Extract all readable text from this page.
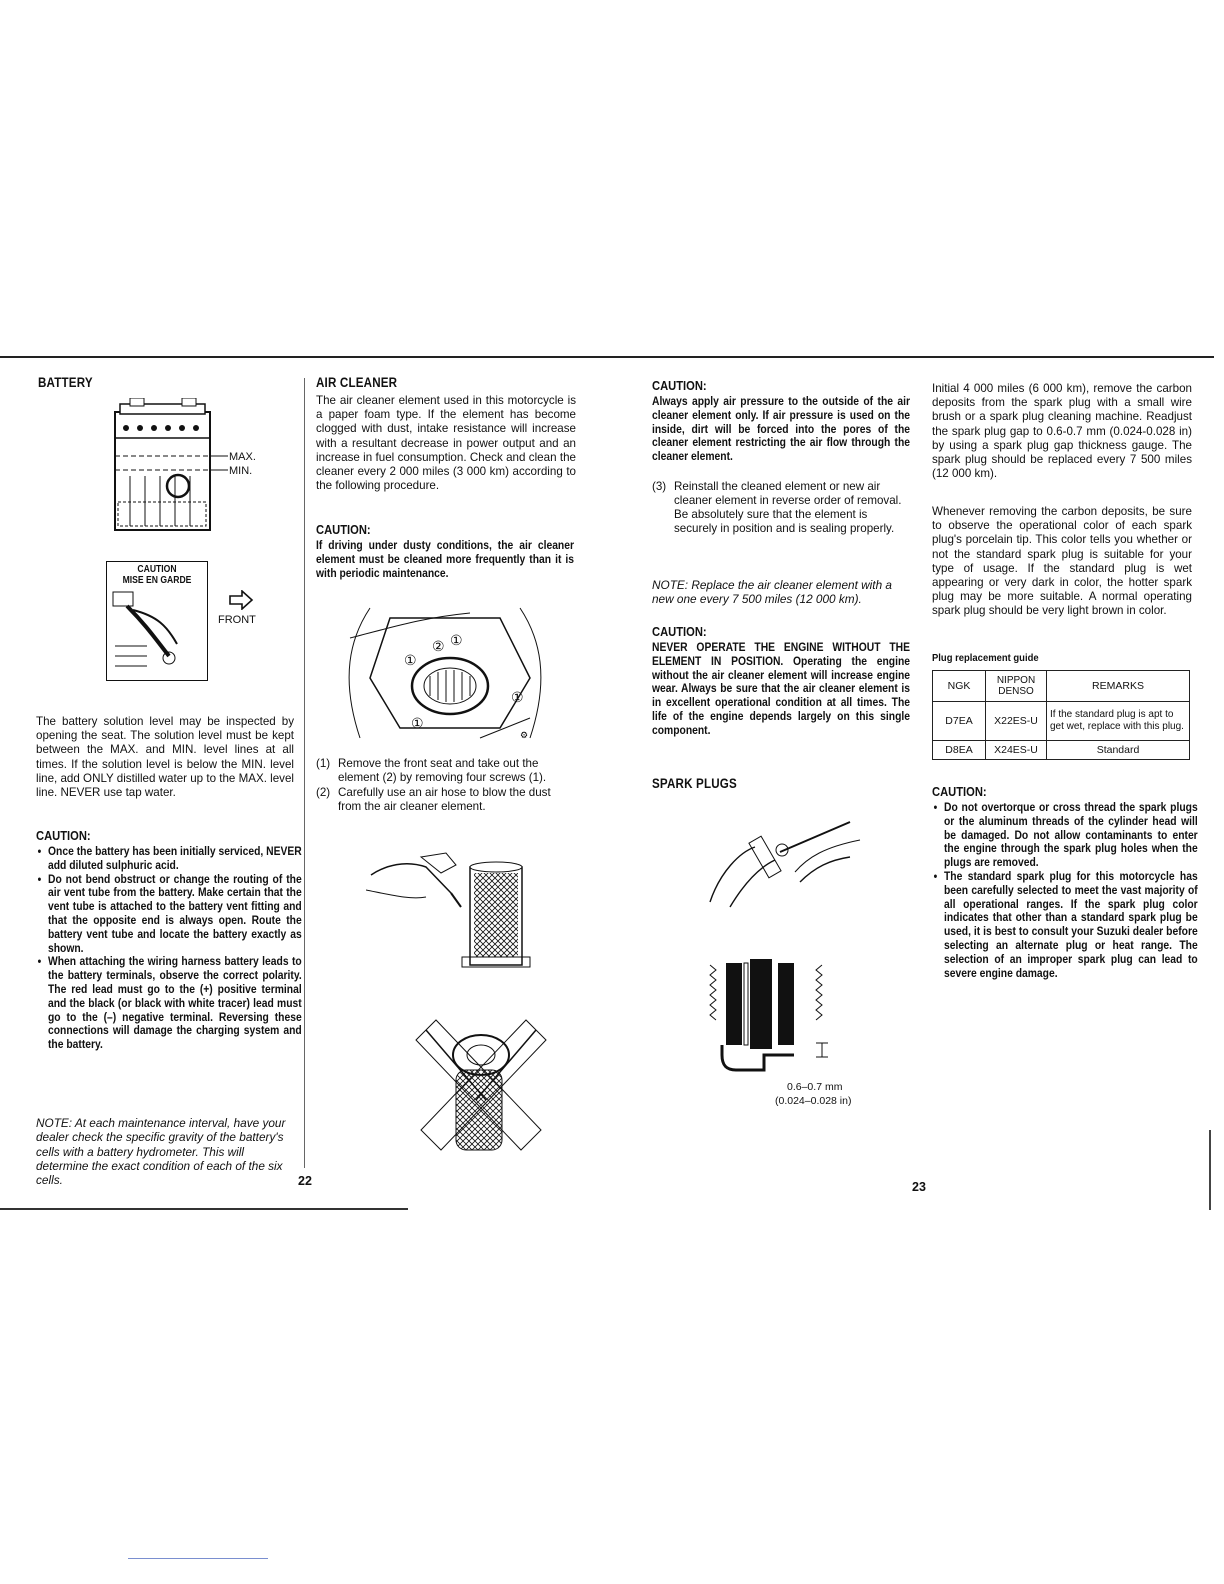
BATTERY
MAX.
MIN.
CAUTION
MISE EN GARDE
FRONT

The battery solution level may be inspected by opening the seat. The solution level must be kept between the MAX. and MIN. level lines at all times. If the solution level is below the MIN. level line, add ONLY distilled water up to the MAX. level line. NEVER use tap water.

CAUTION:

• Once the battery has been initially serviced, NEVER add diluted sulphuric acid.
• Do not bend obstruct or change the routing of the air vent tube from the battery. Make certain that the vent tube is attached to the battery vent fitting and that the opposite end is always open. Route the battery vent tube and locate the battery exactly as shown.
• When attaching the wiring harness battery leads to the battery terminals, observe the correct polarity. The red lead must go to the (+) positive terminal and the black (or black with white tracer) lead must go to the (–) negative terminal. Reversing these connections will damage the charging system and the battery.

NOTE: At each maintenance interval, have your dealer check the specific gravity of the battery's cells with a battery hydrometer. This will determine the exact condition of each of the six cells.	22
AIR CLEANER

The air cleaner element used in this motorcycle is a paper foam type. If the element has become clogged with dust, intake resistance will increase with a resultant decrease in power output and an increase in fuel consumption. Check and clean the cleaner every 2 000 miles (3 000 km) according to the following procedure.

CAUTION:

If driving under dusty conditions, the air cleaner element must be cleaned more frequently than it is with periodic maintenance.

⚙
①
② ①
①
①
(1) Remove the front seat and take out the element (2) by removing four screws (1).
(2) Carefully use an air hose to blow the dust from the air cleaner element.

CAUTION:

Always apply air pressure to the outside of the air cleaner element only. If air pressure is used on the inside, dirt will be forced into the pores of the cleaner element restricting the air flow through the cleaner element.

(3) Reinstall the cleaned element or new air cleaner element in reverse order of removal. Be absolutely sure that the element is securely in position and is sealing properly.

NOTE: Replace the air cleaner element with a new one every 7 500 miles (12 000 km).

CAUTION:

NEVER OPERATE THE ENGINE WITHOUT THE ELEMENT IN POSITION. Operating the engine without the air cleaner element will increase engine wear. Always be sure that the air cleaner element is in excellent operational condition at all times. The life of the engine depends largely on this single component.

SPARK PLUGS
0.6–0.7 mm
(0.024–0.028 in)
23

Initial 4 000 miles (6 000 km), remove the carbon deposits from the spark plug with a small wire brush or a spark plug cleaning machine. Readjust the spark plug gap to 0.6-0.7 mm (0.024-0.028 in) by using a spark plug gap thickness gauge. The spark plug should be replaced every 7 500 miles (12 000 km).

Whenever removing the carbon deposits, be sure to observe the operational color of each spark plug's porcelain tip. This color tells you whether or not the standard spark plug is suitable for your type of usage. If the standard plug is wet appearing or very dark in color, the hotter spark plug may be more suitable. A normal operating spark plug should be very light brown in color.

Plug replacement guide
NGK	NIPPON DENSO	REMARKS
D7EA	X22ES-U	If the standard plug is apt to get wet, replace with this plug.
D8EA	X24ES-U	Standard

CAUTION:

• Do not overtorque or cross thread the spark plugs or the aluminum threads of the cylinder head will be damaged. Do not allow contaminants to enter the engine through the spark plug holes when the plugs are removed.
• The standard spark plug for this motorcycle has been carefully selected to meet the vast majority of all operational ranges. If the spark plug color indicates that other than a standard spark plug be used, it is best to consult your Suzuki dealer before selecting an alternate plug or heat range. The selection of an improper spark plug can lead to severe engine damage.
